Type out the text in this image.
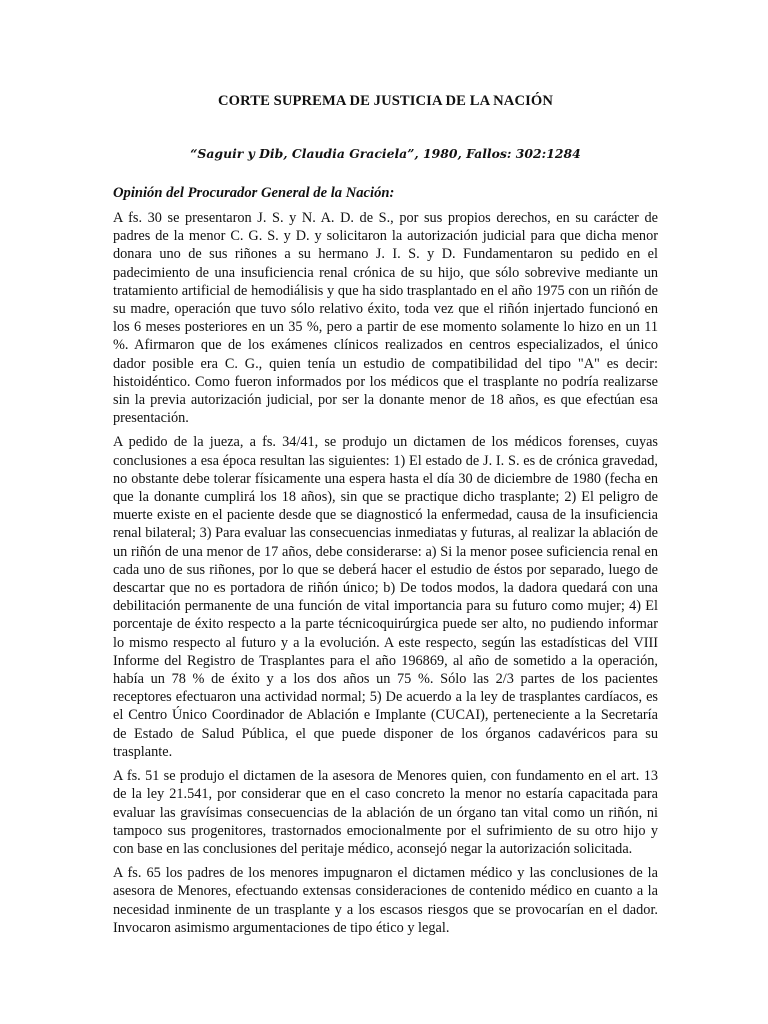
CORTE SUPREMA DE JUSTICIA DE LA NACIÓN
“Saguir y Dib, Claudia Graciela”, 1980, Fallos: 302:1284
Opinión del Procurador General de la Nación:

A fs. 30 se presentaron J. S. y N. A. D. de S., por sus propios derechos, en su carácter de padres de la menor C. G. S. y D. y solicitaron la autorización judicial para que dicha menor donara uno de sus riñones a su hermano J. I. S. y D. Fundamentaron su pedido en el padecimiento de una insuficiencia renal crónica de su hijo, que sólo sobrevive mediante un tratamiento artificial de hemodiálisis y que ha sido trasplantado en el año 1975 con un riñón de su madre, operación que tuvo sólo relativo éxito, toda vez que el riñón injertado funcionó en los 6 meses posteriores en un 35 %, pero a partir de ese momento solamente lo hizo en un 11 %. Afirmaron que de los exámenes clínicos realizados en centros especializados, el único dador posible era C. G., quien tenía un estudio de compatibilidad del tipo "A" es decir: histoidéntico. Como fueron informados por los médicos que el trasplante no podría realizarse sin la previa autorización judicial, por ser la donante menor de 18 años, es que efectúan esa presentación.

A pedido de la jueza, a fs. 34/41, se produjo un dictamen de los médicos forenses, cuyas conclusiones a esa época resultan las siguientes: 1) El estado de J. I. S. es de crónica gravedad, no obstante debe tolerar físicamente una espera hasta el día 30 de diciembre de 1980 (fecha en que la donante cumplirá los 18 años), sin que se practique dicho trasplante; 2) El peligro de muerte existe en el paciente desde que se diagnosticó la enfermedad, causa de la insuficiencia renal bilateral; 3) Para evaluar las consecuencias inmediatas y futuras, al realizar la ablación de un riñón de una menor de 17 años, debe considerarse: a) Si la menor posee suficiencia renal en cada uno de sus riñones, por lo que se deberá hacer el estudio de éstos por separado, luego de descartar que no es portadora de riñón único; b) De todos modos, la dadora quedará con una debilitación permanente de una función de vital importancia para su futuro como mujer; 4) El porcentaje de éxito respecto a la parte técnicoquirúrgica puede ser alto, no pudiendo informar lo mismo respecto al futuro y a la evolución. A este respecto, según las estadísticas del VIII Informe del Registro de Trasplantes para el año 196869, al año de sometido a la operación, había un 78 % de éxito y a los dos años un 75 %. Sólo las 2/3 partes de los pacientes receptores efectuaron una actividad normal; 5) De acuerdo a la ley de trasplantes cardíacos, es el Centro Único Coordinador de Ablación e Implante (CUCAI), perteneciente a la Secretaría de Estado de Salud Pública, el que puede disponer de los órganos cadavéricos para su trasplante.

A fs. 51 se produjo el dictamen de la asesora de Menores quien, con fundamento en el art. 13 de la ley 21.541, por considerar que en el caso concreto la menor no estaría capacitada para evaluar las gravísimas consecuencias de la ablación de un órgano tan vital como un riñón, ni tampoco sus progenitores, trastornados emocionalmente por el sufrimiento de su otro hijo y con base en las conclusiones del peritaje médico, aconsejó negar la autorización solicitada.

A fs. 65 los padres de los menores impugnaron el dictamen médico y las conclusiones de la asesora de Menores, efectuando extensas consideraciones de contenido médico en cuanto a la necesidad inminente de un trasplante y a los escasos riesgos que se provocarían en el dador. Invocaron asimismo argumentaciones de tipo ético y legal.
